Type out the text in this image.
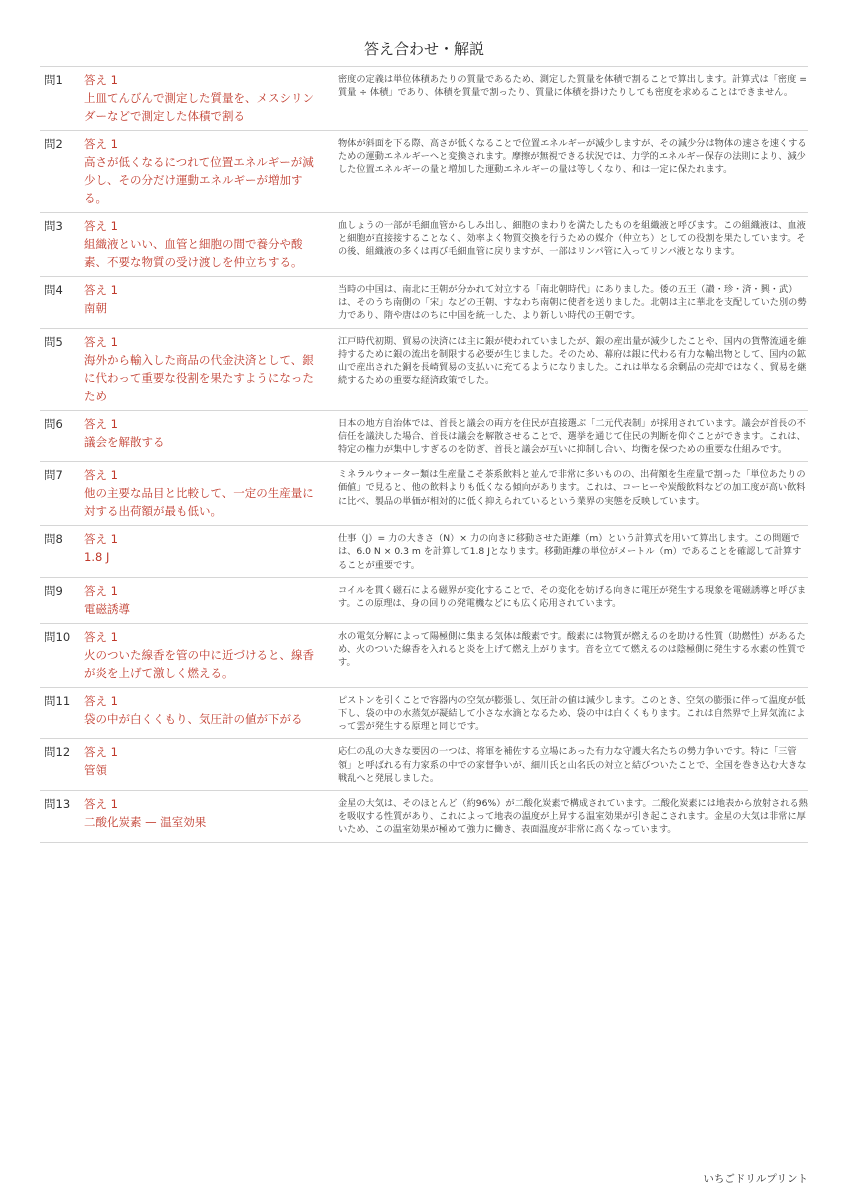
答え合わせ・解説
問1	答え 1
上皿てんびんで測定した質量を、メスシリンダーなどで測定した体積で割る
密度の定義は単位体積あたりの質量であるため、測定した質量を体積で割ることで算出します。計算式は「密度 = 質量 ÷ 体積」であり、体積を質量で割ったり、質量に体積を掛けたりしても密度を求めることはできません。
問2	答え 1
高さが低くなるにつれて位置エネルギーが減少し、その分だけ運動エネルギーが増加する。
物体が斜面を下る際、高さが低くなることで位置エネルギーが減少しますが、その減少分は物体の速さを速くするための運動エネルギーへと変換されます。摩擦が無視できる状況では、力学的エネルギー保存の法則により、減少した位置エネルギーの量と増加した運動エネルギーの量は等しくなり、和は一定に保たれます。
問3	答え 1
組織液といい、血管と細胞の間で養分や酸素、不要な物質の受け渡しを仲立ちする。
血しょうの一部が毛細血管からしみ出し、細胞のまわりを満たしたものを組織液と呼びます。この組織液は、血液と細胞が直接接することなく、効率よく物質交換を行うための媒介（仲立ち）としての役割を果たしています。その後、組織液の多くは再び毛細血管に戻りますが、一部はリンパ管に入ってリンパ液となります。
問4	答え 1
南朝
当時の中国は、南北に王朝が分かれて対立する「南北朝時代」にありました。倭の五王（讃・珍・済・興・武）は、そのうち南側の「宋」などの王朝、すなわち南朝に使者を送りました。北朝は主に華北を支配していた別の勢力であり、隋や唐はのちに中国を統一した、より新しい時代の王朝です。
問5	答え 1
海外から輸入した商品の代金決済として、銀に代わって重要な役割を果たすようになったため
江戸時代初期、貿易の決済には主に銀が使われていましたが、銀の産出量が減少したことや、国内の貨幣流通を維持するために銀の流出を制限する必要が生じました。そのため、幕府は銀に代わる有力な輸出物として、国内の鉱山で産出された銅を長崎貿易の支払いに充てるようになりました。これは単なる余剰品の売却ではなく、貿易を継続するための重要な経済政策でした。
問6	答え 1
議会を解散する
日本の地方自治体では、首長と議会の両方を住民が直接選ぶ「二元代表制」が採用されています。議会が首長の不信任を議決した場合、首長は議会を解散させることで、選挙を通じて住民の判断を仰ぐことができます。これは、特定の権力が集中しすぎるのを防ぎ、首長と議会が互いに抑制し合い、均衡を保つための重要な仕組みです。
問7	答え 1
他の主要な品目と比較して、一定の生産量に対する出荷額が最も低い。
ミネラルウォーター類は生産量こそ茶系飲料と並んで非常に多いものの、出荷額を生産量で割った「単位あたりの価値」で見ると、他の飲料よりも低くなる傾向があります。これは、コーヒーや炭酸飲料などの加工度が高い飲料に比べ、製品の単価が相対的に低く抑えられているという業界の実態を反映しています。
問8	答え 1
1.8 J
仕事（J）= 力の大きさ（N）× 力の向きに移動させた距離（m）という計算式を用いて算出します。この問題では、6.0 N × 0.3 m を計算して1.8 Jとなります。移動距離の単位がメートル（m）であることを確認して計算することが重要です。
問9	答え 1
電磁誘導
コイルを貫く磁石による磁界が変化することで、その変化を妨げる向きに電圧が発生する現象を電磁誘導と呼びます。この原理は、身の回りの発電機などにも広く応用されています。
問10 答え 1
火のついた線香を管の中に近づけると、線香が炎を上げて激しく燃える。
水の電気分解によって陽極側に集まる気体は酸素です。酸素には物質が燃えるのを助ける性質（助燃性）があるため、火のついた線香を入れると炎を上げて燃え上がります。音を立てて燃えるのは陰極側に発生する水素の性質です。
問11 答え 1
袋の中が白くくもり、気圧計の値が下がる
ピストンを引くことで容器内の空気が膨張し、気圧計の値は減少します。このとき、空気の膨張に伴って温度が低下し、袋の中の水蒸気が凝結して小さな水滴となるため、袋の中は白くくもります。これは自然界で上昇気流によって雲が発生する原理と同じです。
問12 答え 1
管領
応仁の乱の大きな要因の一つは、将軍を補佐する立場にあった有力な守護大名たちの勢力争いです。特に「三管領」と呼ばれる有力家系の中での家督争いが、細川氏と山名氏の対立と結びついたことで、全国を巻き込む大きな戦乱へと発展しました。
問13 答え 1
二酸化炭素 — 温室効果
金星の大気は、そのほとんど（約96%）が二酸化炭素で構成されています。二酸化炭素には地表から放射される熱を吸収する性質があり、これによって地表の温度が上昇する温室効果が引き起こされます。金星の大気は非常に厚いため、この温室効果が極めて強力に働き、表面温度が非常に高くなっています。
いちごドリルプリント
